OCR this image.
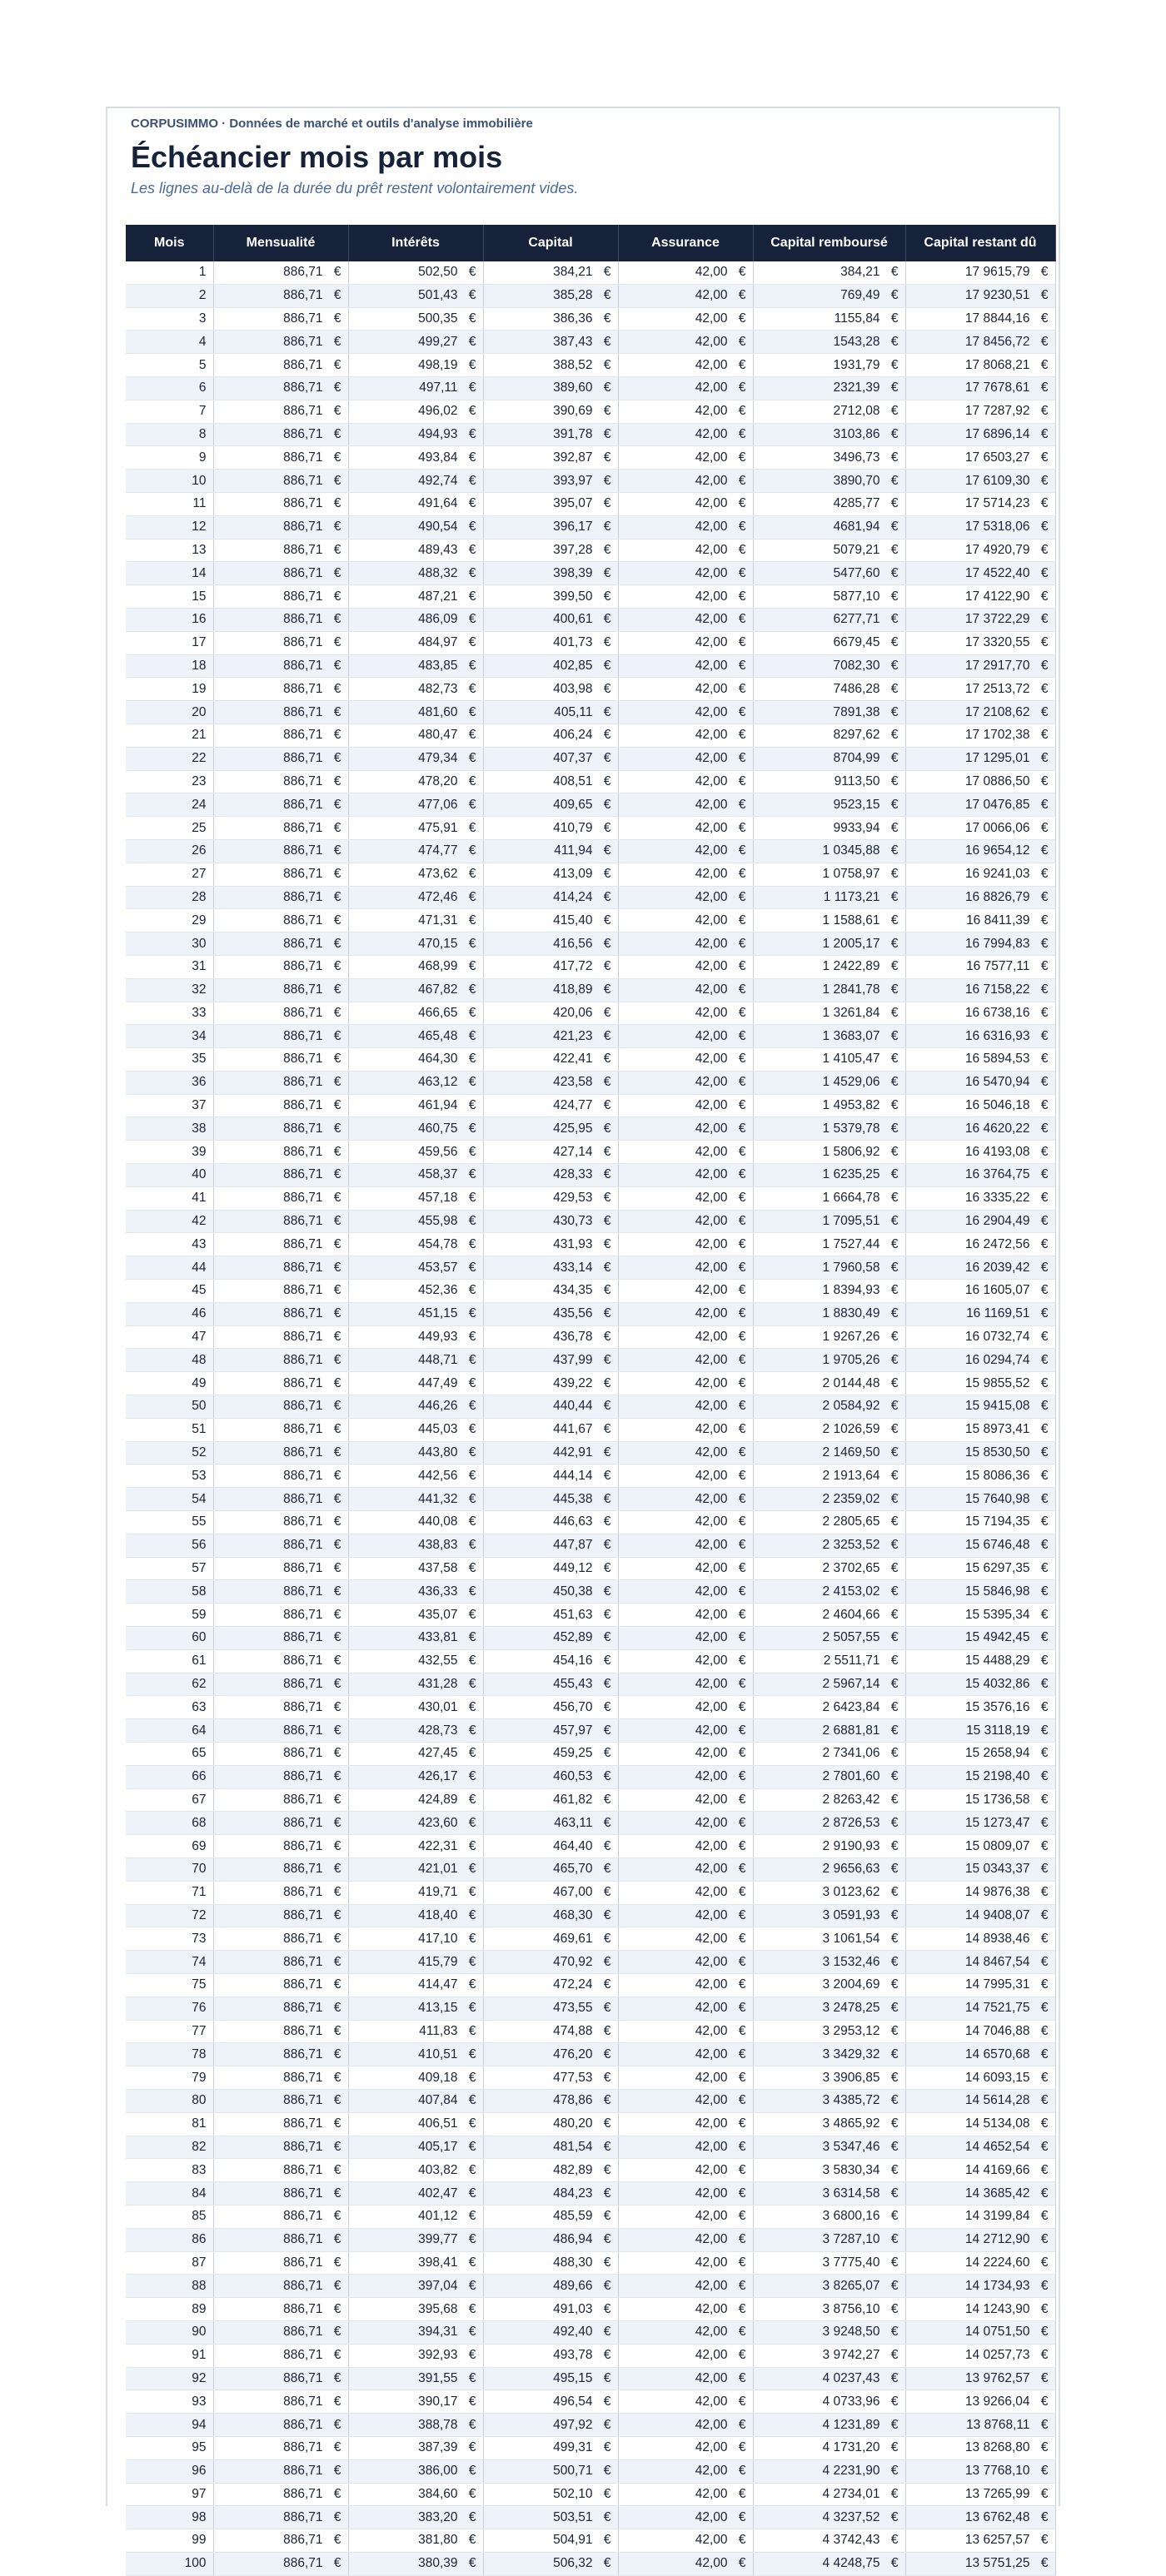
CORPUSIMMO · Données de marché et outils d'analyse immobilière
Échéancier mois par mois
Les lignes au-delà de la durée du prêt restent volontairement vides.
Mois	Mensualité	Intérêts	Capital	Assurance	Capital remboursé	Capital restant dû
1	886,71 €	502,50 €	384,21 €	42,00 €	384,21 €	17 9615,79 €
2	886,71 €	501,43 €	385,28 €	42,00 €	769,49 €	17 9230,51 €
3	886,71 €	500,35 €	386,36 €	42,00 €	1155,84 €	17 8844,16 €
4	886,71 €	499,27 €	387,43 €	42,00 €	1543,28 €	17 8456,72 €
5	886,71 €	498,19 €	388,52 €	42,00 €	1931,79 €	17 8068,21 €
6	886,71 €	497,11 €	389,60 €	42,00 €	2321,39 €	17 7678,61 €
7	886,71 €	496,02 €	390,69 €	42,00 €	2712,08 €	17 7287,92 €
8	886,71 €	494,93 €	391,78 €	42,00 €	3103,86 €	17 6896,14 €
9	886,71 €	493,84 €	392,87 €	42,00 €	3496,73 €	17 6503,27 €
10	886,71 €	492,74 €	393,97 €	42,00 €	3890,70 €	17 6109,30 €
11	886,71 €	491,64 €	395,07 €	42,00 €	4285,77 €	17 5714,23 €
12	886,71 €	490,54 €	396,17 €	42,00 €	4681,94 €	17 5318,06 €
13	886,71 €	489,43 €	397,28 €	42,00 €	5079,21 €	17 4920,79 €
14	886,71 €	488,32 €	398,39 €	42,00 €	5477,60 €	17 4522,40 €
15	886,71 €	487,21 €	399,50 €	42,00 €	5877,10 €	17 4122,90 €
16	886,71 €	486,09 €	400,61 €	42,00 €	6277,71 €	17 3722,29 €
17	886,71 €	484,97 €	401,73 €	42,00 €	6679,45 €	17 3320,55 €
18	886,71 €	483,85 €	402,85 €	42,00 €	7082,30 €	17 2917,70 €
19	886,71 €	482,73 €	403,98 €	42,00 €	7486,28 €	17 2513,72 €
20	886,71 €	481,60 €	405,11 €	42,00 €	7891,38 €	17 2108,62 €
21	886,71 €	480,47 €	406,24 €	42,00 €	8297,62 €	17 1702,38 €
22	886,71 €	479,34 €	407,37 €	42,00 €	8704,99 €	17 1295,01 €
23	886,71 €	478,20 €	408,51 €	42,00 €	9113,50 €	17 0886,50 €
24	886,71 €	477,06 €	409,65 €	42,00 €	9523,15 €	17 0476,85 €
25	886,71 €	475,91 €	410,79 €	42,00 €	9933,94 €	17 0066,06 €
26	886,71 €	474,77 €	411,94 €	42,00 €	1 0345,88 €	16 9654,12 €
27	886,71 €	473,62 €	413,09 €	42,00 €	1 0758,97 €	16 9241,03 €
28	886,71 €	472,46 €	414,24 €	42,00 €	1 1173,21 €	16 8826,79 €
29	886,71 €	471,31 €	415,40 €	42,00 €	1 1588,61 €	16 8411,39 €
30	886,71 €	470,15 €	416,56 €	42,00 €	1 2005,17 €	16 7994,83 €
31	886,71 €	468,99 €	417,72 €	42,00 €	1 2422,89 €	16 7577,11 €
32	886,71 €	467,82 €	418,89 €	42,00 €	1 2841,78 €	16 7158,22 €
33	886,71 €	466,65 €	420,06 €	42,00 €	1 3261,84 €	16 6738,16 €
34	886,71 €	465,48 €	421,23 €	42,00 €	1 3683,07 €	16 6316,93 €
35	886,71 €	464,30 €	422,41 €	42,00 €	1 4105,47 €	16 5894,53 €
36	886,71 €	463,12 €	423,58 €	42,00 €	1 4529,06 €	16 5470,94 €
37	886,71 €	461,94 €	424,77 €	42,00 €	1 4953,82 €	16 5046,18 €
38	886,71 €	460,75 €	425,95 €	42,00 €	1 5379,78 €	16 4620,22 €
39	886,71 €	459,56 €	427,14 €	42,00 €	1 5806,92 €	16 4193,08 €
40	886,71 €	458,37 €	428,33 €	42,00 €	1 6235,25 €	16 3764,75 €
41	886,71 €	457,18 €	429,53 €	42,00 €	1 6664,78 €	16 3335,22 €
42	886,71 €	455,98 €	430,73 €	42,00 €	1 7095,51 €	16 2904,49 €
43	886,71 €	454,78 €	431,93 €	42,00 €	1 7527,44 €	16 2472,56 €
44	886,71 €	453,57 €	433,14 €	42,00 €	1 7960,58 €	16 2039,42 €
45	886,71 €	452,36 €	434,35 €	42,00 €	1 8394,93 €	16 1605,07 €
46	886,71 €	451,15 €	435,56 €	42,00 €	1 8830,49 €	16 1169,51 €
47	886,71 €	449,93 €	436,78 €	42,00 €	1 9267,26 €	16 0732,74 €
48	886,71 €	448,71 €	437,99 €	42,00 €	1 9705,26 €	16 0294,74 €
49	886,71 €	447,49 €	439,22 €	42,00 €	2 0144,48 €	15 9855,52 €
50	886,71 €	446,26 €	440,44 €	42,00 €	2 0584,92 €	15 9415,08 €
51	886,71 €	445,03 €	441,67 €	42,00 €	2 1026,59 €	15 8973,41 €
52	886,71 €	443,80 €	442,91 €	42,00 €	2 1469,50 €	15 8530,50 €
53	886,71 €	442,56 €	444,14 €	42,00 €	2 1913,64 €	15 8086,36 €
54	886,71 €	441,32 €	445,38 €	42,00 €	2 2359,02 €	15 7640,98 €
55	886,71 €	440,08 €	446,63 €	42,00 €	2 2805,65 €	15 7194,35 €
56	886,71 €	438,83 €	447,87 €	42,00 €	2 3253,52 €	15 6746,48 €
57	886,71 €	437,58 €	449,12 €	42,00 €	2 3702,65 €	15 6297,35 €
58	886,71 €	436,33 €	450,38 €	42,00 €	2 4153,02 €	15 5846,98 €
59	886,71 €	435,07 €	451,63 €	42,00 €	2 4604,66 €	15 5395,34 €
60	886,71 €	433,81 €	452,89 €	42,00 €	2 5057,55 €	15 4942,45 €
61	886,71 €	432,55 €	454,16 €	42,00 €	2 5511,71 €	15 4488,29 €
62	886,71 €	431,28 €	455,43 €	42,00 €	2 5967,14 €	15 4032,86 €
63	886,71 €	430,01 €	456,70 €	42,00 €	2 6423,84 €	15 3576,16 €
64	886,71 €	428,73 €	457,97 €	42,00 €	2 6881,81 €	15 3118,19 €
65	886,71 €	427,45 €	459,25 €	42,00 €	2 7341,06 €	15 2658,94 €
66	886,71 €	426,17 €	460,53 €	42,00 €	2 7801,60 €	15 2198,40 €
67	886,71 €	424,89 €	461,82 €	42,00 €	2 8263,42 €	15 1736,58 €
68	886,71 €	423,60 €	463,11 €	42,00 €	2 8726,53 €	15 1273,47 €
69	886,71 €	422,31 €	464,40 €	42,00 €	2 9190,93 €	15 0809,07 €
70	886,71 €	421,01 €	465,70 €	42,00 €	2 9656,63 €	15 0343,37 €
71	886,71 €	419,71 €	467,00 €	42,00 €	3 0123,62 €	14 9876,38 €
72	886,71 €	418,40 €	468,30 €	42,00 €	3 0591,93 €	14 9408,07 €
73	886,71 €	417,10 €	469,61 €	42,00 €	3 1061,54 €	14 8938,46 €
74	886,71 €	415,79 €	470,92 €	42,00 €	3 1532,46 €	14 8467,54 €
75	886,71 €	414,47 €	472,24 €	42,00 €	3 2004,69 €	14 7995,31 €
76	886,71 €	413,15 €	473,55 €	42,00 €	3 2478,25 €	14 7521,75 €
77	886,71 €	411,83 €	474,88 €	42,00 €	3 2953,12 €	14 7046,88 €
78	886,71 €	410,51 €	476,20 €	42,00 €	3 3429,32 €	14 6570,68 €
79	886,71 €	409,18 €	477,53 €	42,00 €	3 3906,85 €	14 6093,15 €
80	886,71 €	407,84 €	478,86 €	42,00 €	3 4385,72 €	14 5614,28 €
81	886,71 €	406,51 €	480,20 €	42,00 €	3 4865,92 €	14 5134,08 €
82	886,71 €	405,17 €	481,54 €	42,00 €	3 5347,46 €	14 4652,54 €
83	886,71 €	403,82 €	482,89 €	42,00 €	3 5830,34 €	14 4169,66 €
84	886,71 €	402,47 €	484,23 €	42,00 €	3 6314,58 €	14 3685,42 €
85	886,71 €	401,12 €	485,59 €	42,00 €	3 6800,16 €	14 3199,84 €
86	886,71 €	399,77 €	486,94 €	42,00 €	3 7287,10 €	14 2712,90 €
87	886,71 €	398,41 €	488,30 €	42,00 €	3 7775,40 €	14 2224,60 €
88	886,71 €	397,04 €	489,66 €	42,00 €	3 8265,07 €	14 1734,93 €
89	886,71 €	395,68 €	491,03 €	42,00 €	3 8756,10 €	14 1243,90 €
90	886,71 €	394,31 €	492,40 €	42,00 €	3 9248,50 €	14 0751,50 €
91	886,71 €	392,93 €	493,78 €	42,00 €	3 9742,27 €	14 0257,73 €
92	886,71 €	391,55 €	495,15 €	42,00 €	4 0237,43 €	13 9762,57 €
93	886,71 €	390,17 €	496,54 €	42,00 €	4 0733,96 €	13 9266,04 €
94	886,71 €	388,78 €	497,92 €	42,00 €	4 1231,89 €	13 8768,11 €
95	886,71 €	387,39 €	499,31 €	42,00 €	4 1731,20 €	13 8268,80 €
96	886,71 €	386,00 €	500,71 €	42,00 €	4 2231,90 €	13 7768,10 €
97	886,71 €	384,60 €	502,10 €	42,00 €	4 2734,01 €	13 7265,99 €
98	886,71 €	383,20 €	503,51 €	42,00 €	4 3237,52 €	13 6762,48 €
99	886,71 €	381,80 €	504,91 €	42,00 €	4 3742,43 €	13 6257,57 €
100	886,71 €	380,39 €	506,32 €	42,00 €	4 4248,75 €	13 5751,25 €
